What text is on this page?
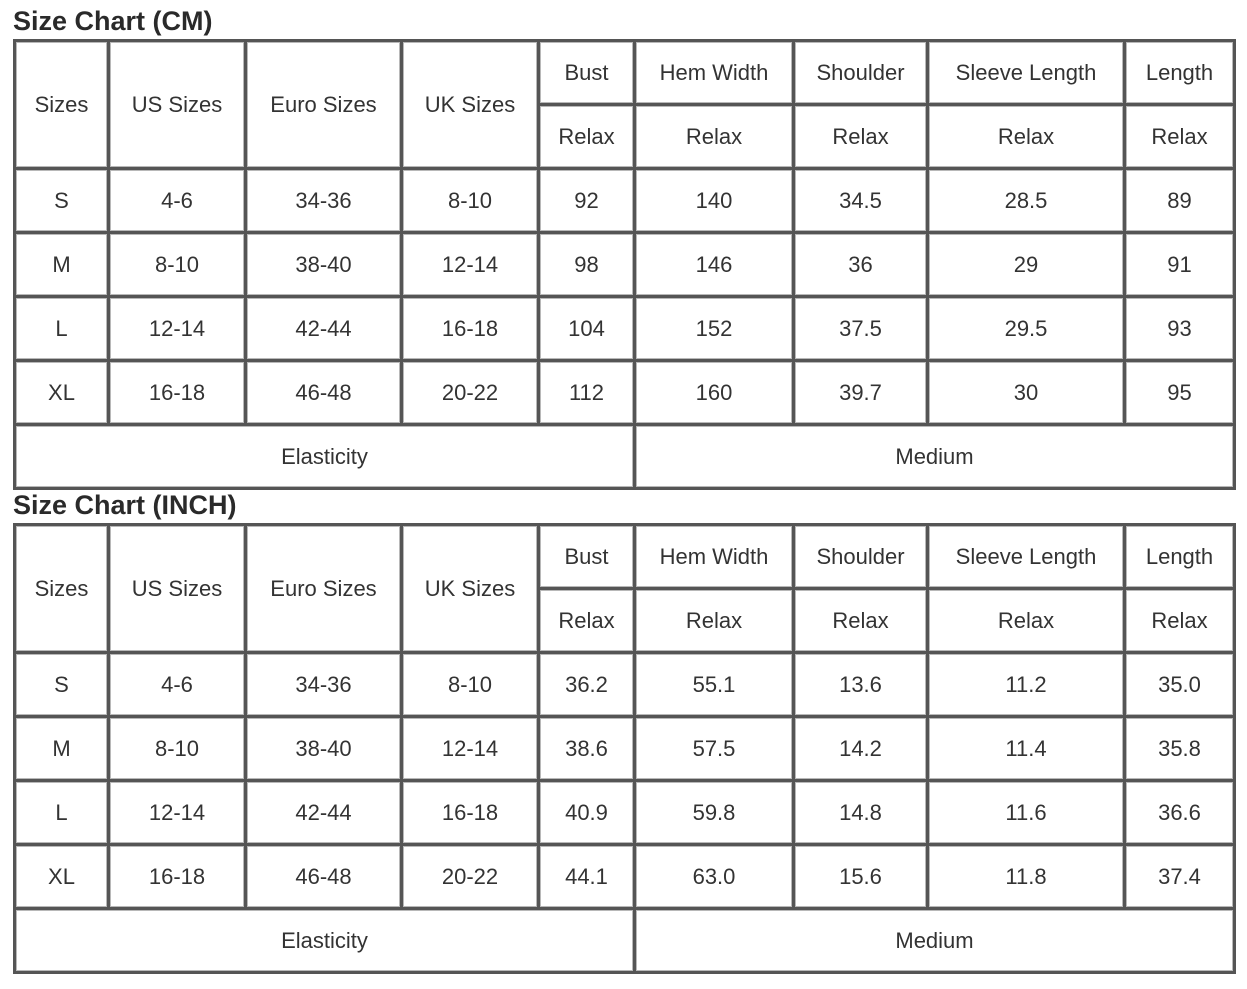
Size Chart (CM)
Sizes	US Sizes	Euro Sizes	UK Sizes	Bust	Hem Width	Shoulder	Sleeve Length	Length
				Relax	Relax	Relax	Relax	Relax
S	4-6	34-36	8-10	92	140	34.5	28.5	89
M	8-10	38-40	12-14	98	146	36	29	91
L	12-14	42-44	16-18	104	152	37.5	29.5	93
XL	16-18	46-48	20-22	112	160	39.7	30	95
Elasticity					Medium			
Size Chart (INCH)
Sizes	US Sizes	Euro Sizes	UK Sizes	Bust	Hem Width	Shoulder	Sleeve Length	Length
				Relax	Relax	Relax	Relax	Relax
S	4-6	34-36	8-10	36.2	55.1	13.6	11.2	35.0
M	8-10	38-40	12-14	38.6	57.5	14.2	11.4	35.8
L	12-14	42-44	16-18	40.9	59.8	14.8	11.6	36.6
XL	16-18	46-48	20-22	44.1	63.0	15.6	11.8	37.4
Elasticity					Medium			
